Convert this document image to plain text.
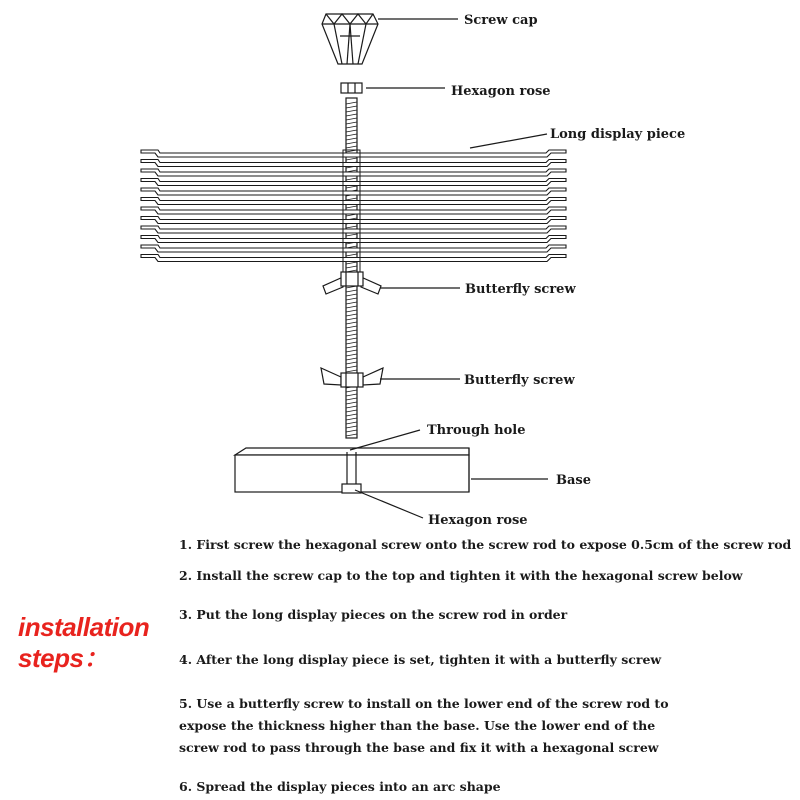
Screw cap
Hexagon rose
Long display piece
Butterfly screw
Butterfly screw
Through hole
Base
Hexagon rose
installation
steps：
1. First screw the hexagonal screw onto the screw rod to expose 0.5cm of the screw rod
2. Install the screw cap to the top and tighten it with the hexagonal screw below
3. Put the long display pieces on the screw rod in order
4. After the long display piece is set, tighten it with a butterfly screw
5. Use a butterfly screw to install on the lower end of the screw rod to
expose the thickness higher than the base. Use the lower end of the
screw rod to pass through the base and fix it with a hexagonal screw
6. Spread the display pieces into an arc shape
